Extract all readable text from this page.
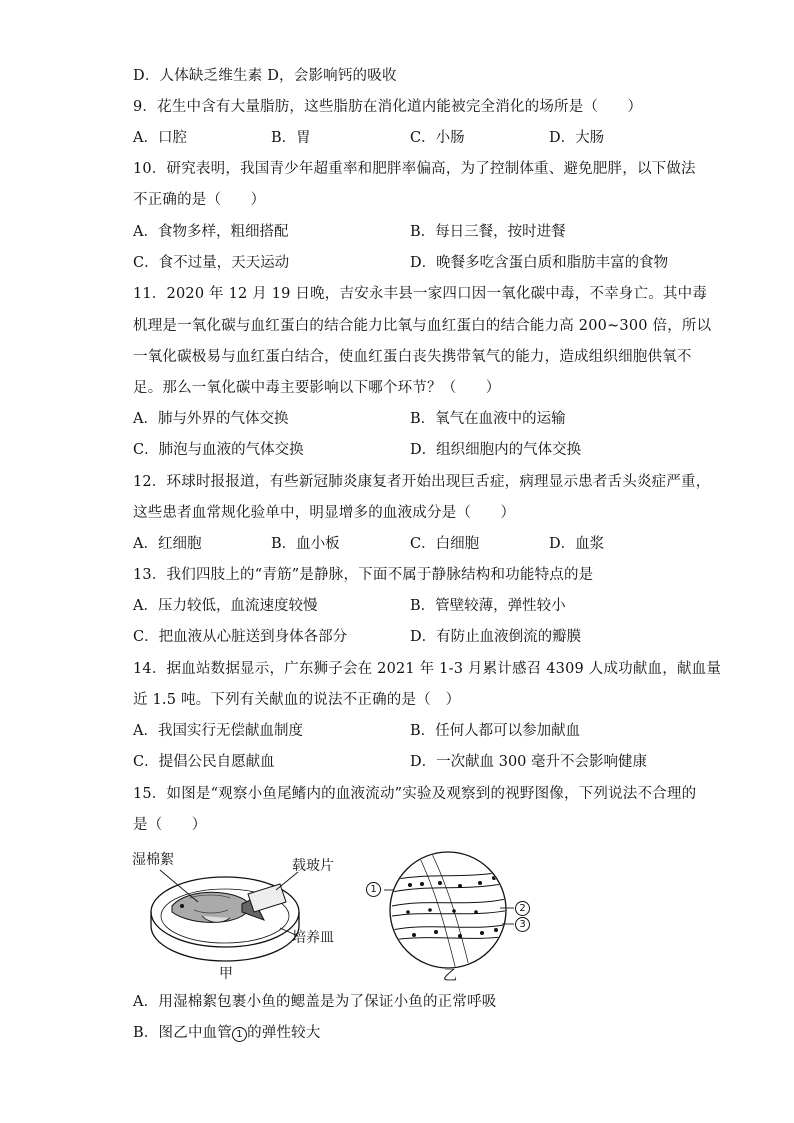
D．人体缺乏维生素 D，会影响钙的吸收
9．花生中含有大量脂肪，这些脂肪在消化道内能被完全消化的场所是（　　）
A．口腔	B．胃	C．小肠	D．大肠
10．研究表明，我国青少年超重率和肥胖率偏高，为了控制体重、避免肥胖，以下做法
不正确的是（　　）
A．食物多样，粗细搭配	B．每日三餐，按时进餐
C．食不过量，天天运动	D．晚餐多吃含蛋白质和脂肪丰富的食物
11．2020 年 12 月 19 日晚，吉安永丰县一家四口因一氧化碳中毒，不幸身亡。其中毒
机理是一氧化碳与血红蛋白的结合能力比氧与血红蛋白的结合能力高 200~300 倍，所以
一氧化碳极易与血红蛋白结合，使血红蛋白丧失携带氧气的能力，造成组织细胞供氧不
足。那么一氧化碳中毒主要影响以下哪个环节？（　　）
A．肺与外界的气体交换	B．氧气在血液中的运输
C．肺泡与血液的气体交换	D．组织细胞内的气体交换
12．环球时报报道，有些新冠肺炎康复者开始出现巨舌症，病理显示患者舌头炎症严重，
这些患者血常规化验单中，明显增多的血液成分是（　　）
A．红细胞	B．血小板	C．白细胞	D．血浆
13．我们四肢上的“青筋”是静脉，下面不属于静脉结构和功能特点的是
A．压力较低，血流速度较慢	B．管壁较薄，弹性较小
C．把血液从心脏送到身体各部分	D．有防止血液倒流的瓣膜
14．据血站数据显示，广东狮子会在 2021 年 1-3 月累计感召 4309 人成功献血，献血量
近 1.5 吨。下列有关献血的说法不正确的是（　）
A．我国实行无偿献血制度	B．任何人都可以参加献血
C．提倡公民自愿献血	D．一次献血 300 毫升不会影响健康
15．如图是“观察小鱼尾鳍内的血液流动”实验及观察到的视野图像，下列说法不合理的
是（　　）
湿棉絮	载玻片
培养皿
甲	乙
1
2
3
A．用湿棉絮包裹小鱼的鳃盖是为了保证小鱼的正常呼吸
B．图乙中血管 1 的弹性较大
